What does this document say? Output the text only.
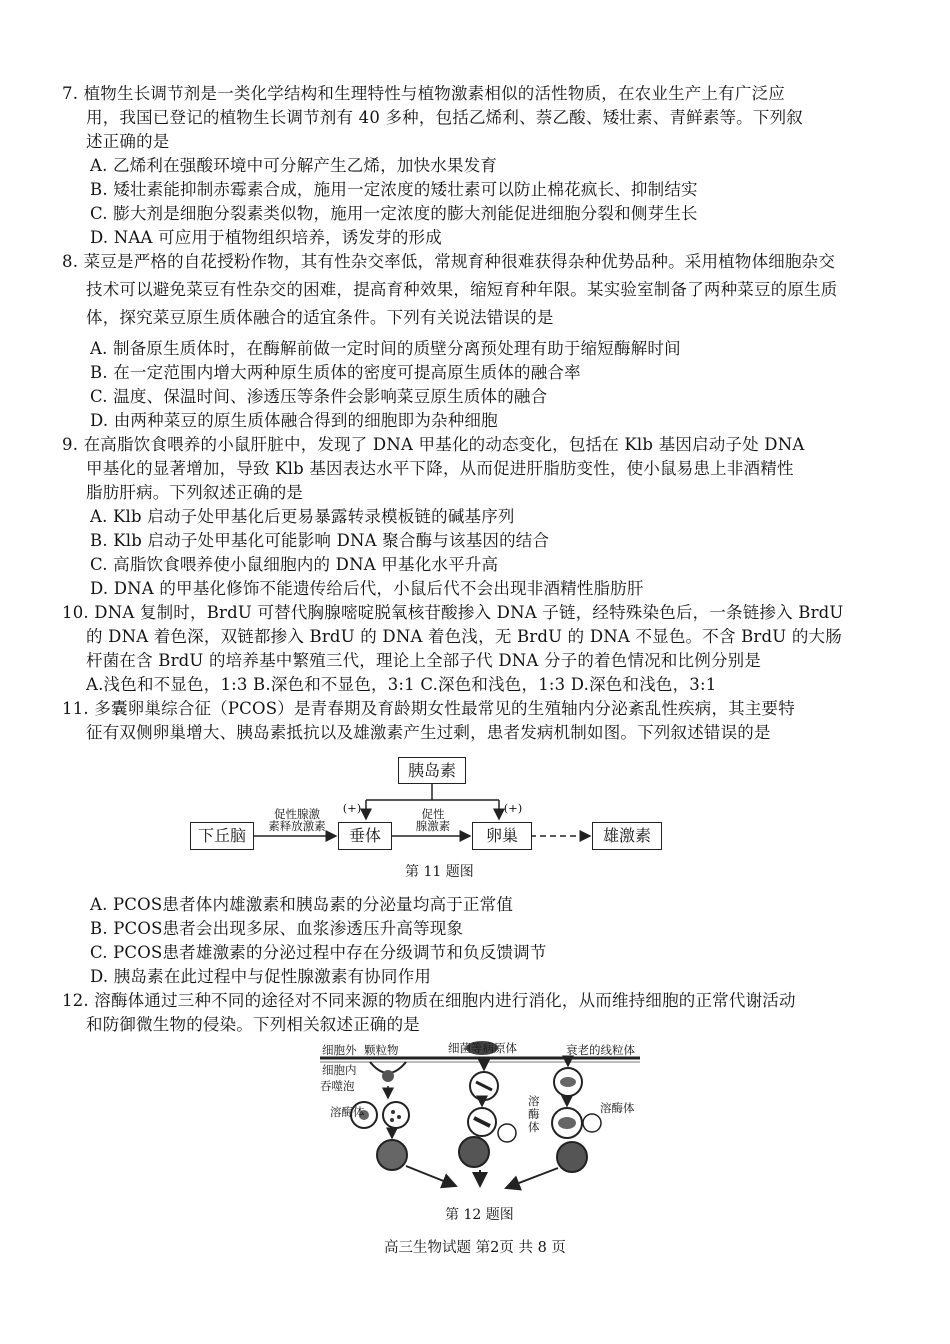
7. 植物生长调节剂是一类化学结构和生理特性与植物激素相似的活性物质，在农业生产上有广泛应
用，我国已登记的植物生长调节剂有 40 多种，包括乙烯利、萘乙酸、矮壮素、青鲜素等。下列叙
述正确的是
A. 乙烯利在强酸环境中可分解产生乙烯，加快水果发育
B. 矮壮素能抑制赤霉素合成，施用一定浓度的矮壮素可以防止棉花疯长、抑制结实
C. 膨大剂是细胞分裂素类似物，施用一定浓度的膨大剂能促进细胞分裂和侧芽生长
D. NAA 可应用于植物组织培养，诱发芽的形成
8. 菜豆是严格的自花授粉作物，其有性杂交率低，常规育种很难获得杂种优势品种。采用植物体细胞杂交
技术可以避免菜豆有性杂交的困难，提高育种效果，缩短育种年限。某实验室制备了两种菜豆的原生质
体，探究菜豆原生质体融合的适宜条件。下列有关说法错误的是
A. 制备原生质体时，在酶解前做一定时间的质壁分离预处理有助于缩短酶解时间
B. 在一定范围内增大两种原生质体的密度可提高原生质体的融合率
C. 温度、保温时间、渗透压等条件会影响菜豆原生质体的融合
D. 由两种菜豆的原生质体融合得到的细胞即为杂种细胞
9. 在高脂饮食喂养的小鼠肝脏中，发现了 DNA 甲基化的动态变化，包括在 Klb 基因启动子处 DNA
甲基化的显著增加，导致 Klb 基因表达水平下降，从而促进肝脂肪变性，使小鼠易患上非酒精性
脂肪肝病。下列叙述正确的是
A. Klb 启动子处甲基化后更易暴露转录模板链的碱基序列
B. Klb 启动子处甲基化可能影响 DNA 聚合酶与该基因的结合
C. 高脂饮食喂养使小鼠细胞内的 DNA 甲基化水平升高
D. DNA 的甲基化修饰不能遗传给后代，小鼠后代不会出现非酒精性脂肪肝
10. DNA 复制时，BrdU 可替代胸腺嘧啶脱氧核苷酸掺入 DNA 子链，经特殊染色后，一条链掺入 BrdU
的 DNA 着色深，双链都掺入 BrdU 的 DNA 着色浅，无 BrdU 的 DNA 不显色。不含 BrdU 的大肠
杆菌在含 BrdU 的培养基中繁殖三代，理论上全部子代 DNA 分子的着色情况和比例分别是
A.浅色和不显色，1:3 B.深色和不显色，3:1 C.深色和浅色，1:3 D.深色和浅色，3:1
11. 多囊卵巢综合征（PCOS）是青春期及育龄期女性最常见的生殖轴内分泌紊乱性疾病，其主要特
征有双侧卵巢增大、胰岛素抵抗以及雄激素产生过剩，患者发病机制如图。下列叙述错误的是
胰岛素
下丘脑	垂体	卵巢	雄激素
促性腺激
素释放激素
促性
腺激素
(+)	(+)
第 11 题图
A. PCOS患者体内雄激素和胰岛素的分泌量均高于正常值
B. PCOS患者会出现多尿、血浆渗透压升高等现象
C. PCOS患者雄激素的分泌过程中存在分级调节和负反馈调节
D. 胰岛素在此过程中与促性腺激素有协同作用
12. 溶酶体通过三种不同的途径对不同来源的物质在细胞内进行消化，从而维持细胞的正常代谢活动
和防御微生物的侵染。下列相关叙述正确的是
细胞外 颗粒物	细菌等病原体	衰老的线粒体
细胞内
吞噬泡
溶酶体
溶
酶
体
溶酶体
第 12 题图
高三生物试题 第2页 共 8 页
